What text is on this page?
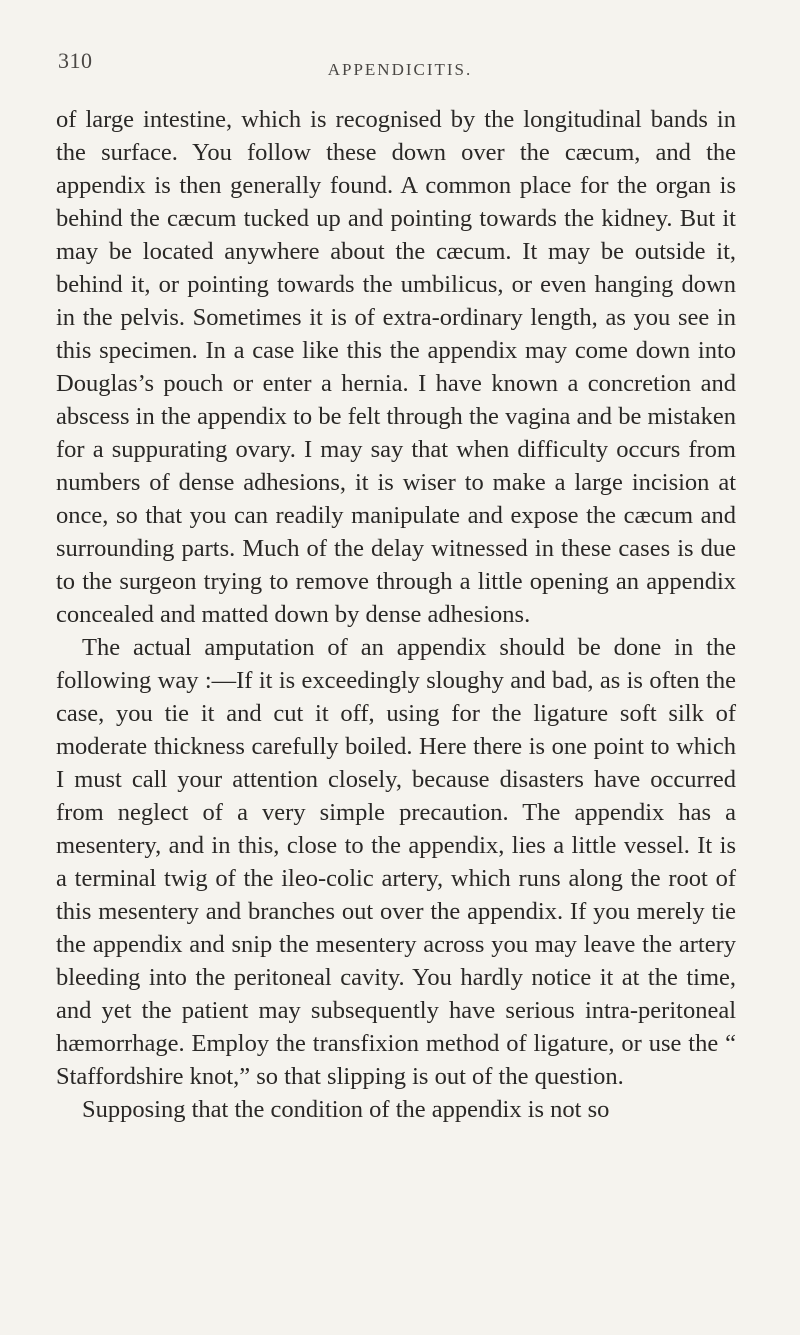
310	APPENDICITIS.

of large intestine, which is recognised by the longitudinal bands in the surface. You follow these down over the cæcum, and the appendix is then generally found. A common place for the organ is behind the cæcum tucked up and pointing towards the kidney. But it may be located anywhere about the cæcum. It may be outside it, behind it, or pointing towards the umbilicus, or even hanging down in the pelvis. Sometimes it is of extra-ordinary length, as you see in this specimen. In a case like this the appendix may come down into Douglas’s pouch or enter a hernia. I have known a concretion and abscess in the appendix to be felt through the vagina and be mistaken for a suppurating ovary. I may say that when difficulty occurs from numbers of dense adhesions, it is wiser to make a large incision at once, so that you can readily manipulate and expose the cæcum and surrounding parts. Much of the delay witnessed in these cases is due to the surgeon trying to remove through a little opening an appendix concealed and matted down by dense adhesions.

The actual amputation of an appendix should be done in the following way :—If it is exceedingly sloughy and bad, as is often the case, you tie it and cut it off, using for the ligature soft silk of moderate thickness carefully boiled. Here there is one point to which I must call your attention closely, because disasters have occurred from neglect of a very simple precaution. The appendix has a mesentery, and in this, close to the appendix, lies a little vessel. It is a terminal twig of the ileo-colic artery, which runs along the root of this mesentery and branches out over the appendix. If you merely tie the appendix and snip the mesentery across you may leave the artery bleeding into the peritoneal cavity. You hardly notice it at the time, and yet the patient may subsequently have serious intra-peritoneal hæmorrhage. Employ the transfixion method of ligature, or use the “ Staffordshire knot,” so that slipping is out of the question.

Supposing that the condition of the appendix is not so
